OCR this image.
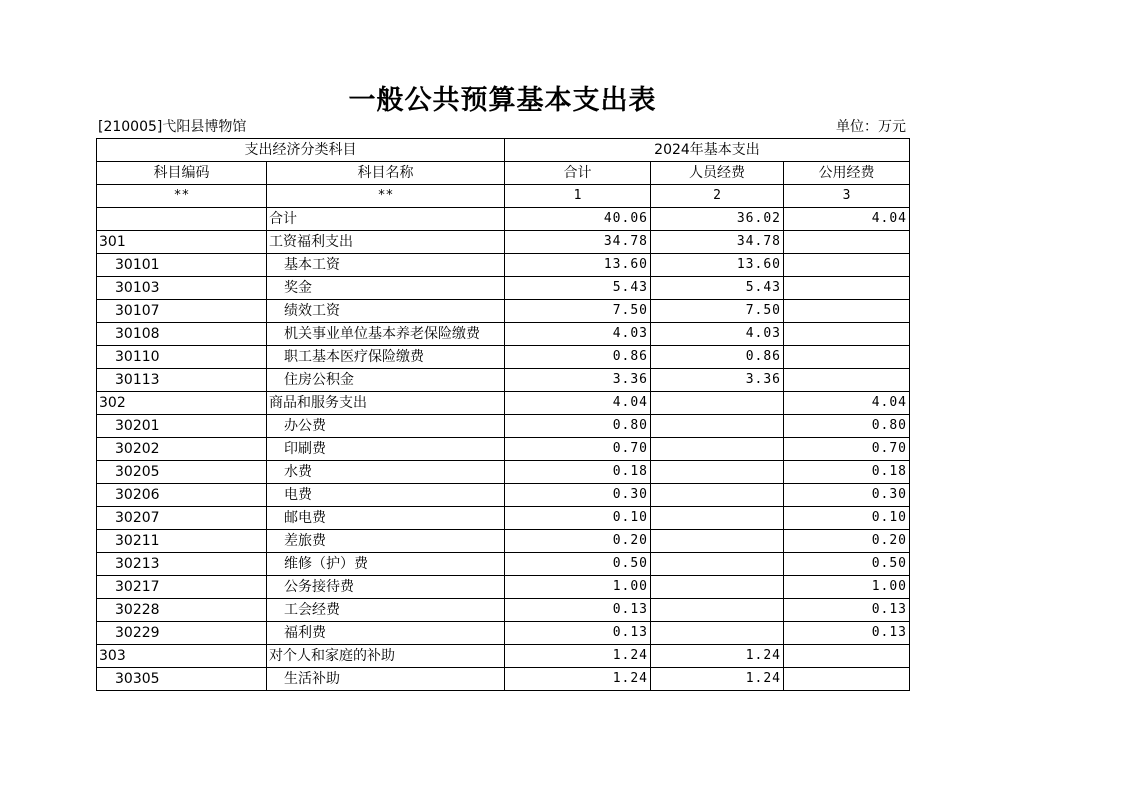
一般公共预算基本支出表
[210005]弋阳县博物馆	单位：万元
支出经济分类科目		2024年基本支出		
科目编码	科目名称	合计	人员经费	公用经费
**	**	1	2	3
	合计	40.06	36.02	4.04
301	工资福利支出	34.78	34.78	
30101	基本工资	13.60	13.60	
30103	奖金	5.43	5.43	
30107	绩效工资	7.50	7.50	
30108	机关事业单位基本养老保险缴费	4.03	4.03	
30110	职工基本医疗保险缴费	0.86	0.86	
30113	住房公积金	3.36	3.36	
302	商品和服务支出	4.04		4.04
30201	办公费	0.80		0.80
30202	印刷费	0.70		0.70
30205	水费	0.18		0.18
30206	电费	0.30		0.30
30207	邮电费	0.10		0.10
30211	差旅费	0.20		0.20
30213	维修（护）费	0.50		0.50
30217	公务接待费	1.00		1.00
30228	工会经费	0.13		0.13
30229	福利费	0.13		0.13
303	对个人和家庭的补助	1.24	1.24	
30305	生活补助	1.24	1.24	
